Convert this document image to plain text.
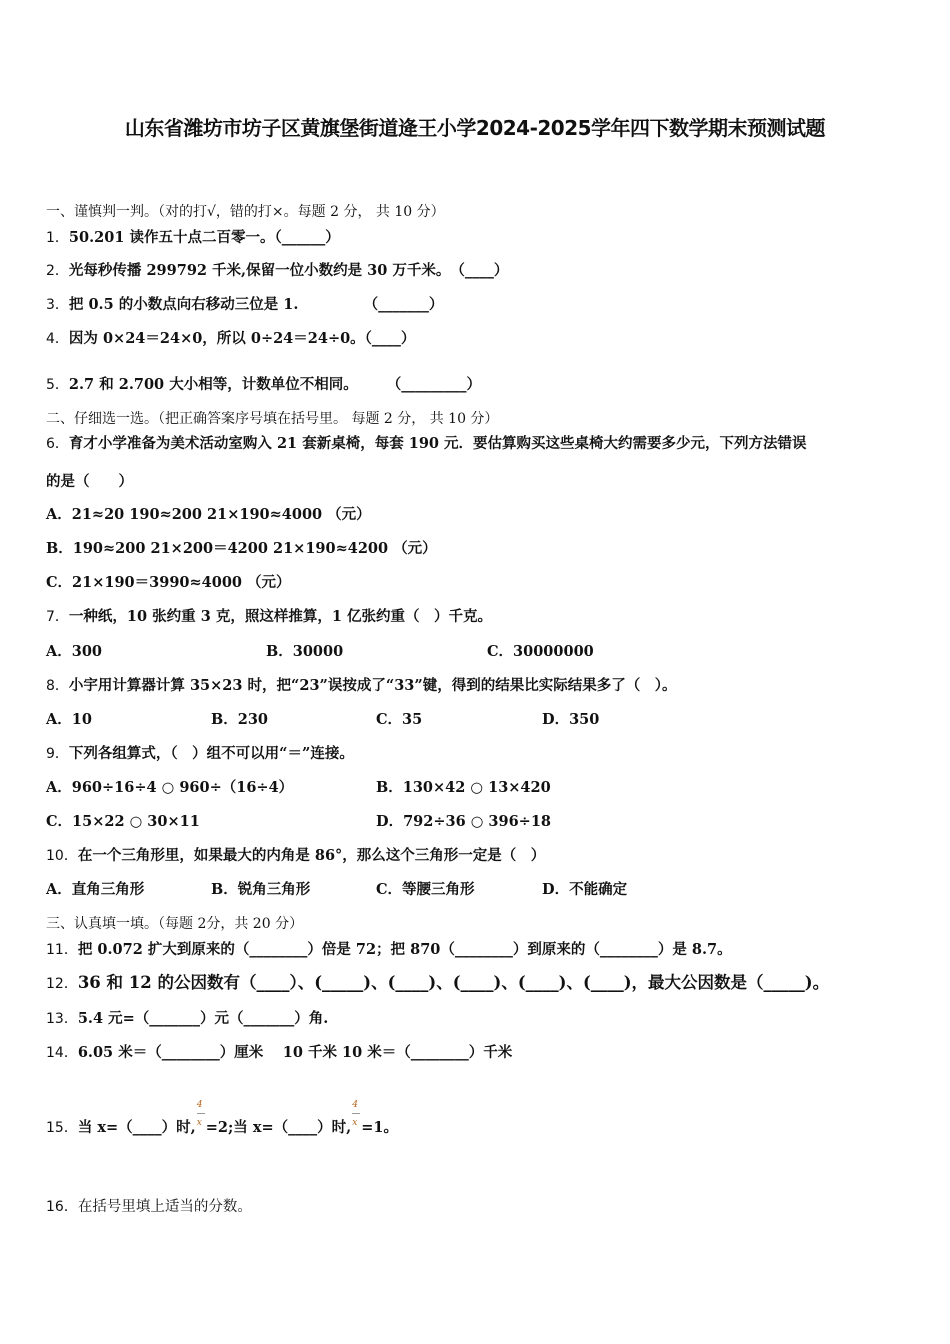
山东省潍坊市坊子区黄旗堡街道逄王小学2024-2025学年四下数学期末预测试题
一、谨慎判一判。（对的打√，错的打×。每题 2 分， 共 10 分）
1．50.201 读作五十点二百零一。（______）
2．光每秒传播 299792 千米,保留一位小数约是 30 万千米。　（____）
3．把 0.5 的小数点向右移动三位是 1.　　　　　（_______）
4．因为 0×24＝24×0，所以 0÷24＝24÷0。（____）
5．2.7 和 2.700 大小相等，计数单位不相同。　　　（_________）
二、仔细选一选。（把正确答案序号填在括号里。 每题 2 分， 共 10 分）
6．育才小学准备为美术活动室购入 21 套新桌椅，每套 190 元．要估算购买这些桌椅大约需要多少元，下列方法错误
的是（　　）
A．21≈20 190≈200 21×190≈4000 （元）
B．190≈200 21×200＝4200 21×190≈4200 （元）
C．21×190＝3990≈4000 （元）
7．一种纸，10 张约重 3 克，照这样推算，1 亿张约重（　）千克。
A．300	B．30000	C．30000000
8．小宇用计算器计算 35×23 时，把“23”误按成了“33”键，得到的结果比实际结果多了（　）。
A．10	B．230	C．35	D．350
9．下列各组算式，（　）组不可以用“＝”连接。
A．960÷16÷4 ○ 960÷（16÷4）	B．130×42 ○ 13×420
C．15×22 ○ 30×11	D．792÷36 ○ 396÷18
10．在一个三角形里，如果最大的内角是 86°，那么这个三角形一定是（　）
A．直角三角形	B．锐角三角形	C．等腰三角形	D．不能确定
三、认真填一填。（每题 2分，共 20 分）
11．把 0.072 扩大到原来的（________）倍是 72；把 870（________）到原来的（________）是 8.7。
12．36 和 12 的公因数有（____）、(_____)、(____)、(____)、(____)、(____)，最大公因数是（_____)。
13．5.4 元=（_______）元（_______）角.
14．6.05 米＝（________）厘米　 10 千米 10 米＝（________）千米
15．当 x=（____）时, $\frac{4}{x} =2$;当 x=（____）时, $\frac{4}{x} =1$。
16．在括号里填上适当的分数。
